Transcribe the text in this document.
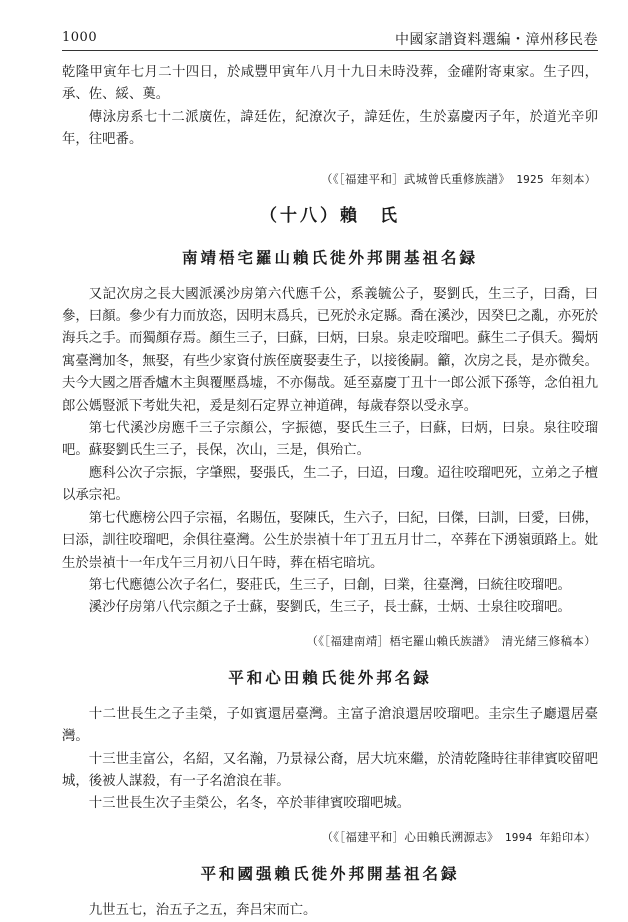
1000	中國家譜資料選編・漳州移民卷

乾隆甲寅年七月二十四日，於咸豐甲寅年八月十九日未時没葬，金礶附寄東家。生子四，承、佐、綏、薁。

傳泳房系七十二派廣佐，諱廷佐，紀潦次子，諱廷佐，生於嘉慶丙子年，於道光辛卯年，往吧番。

（《［福建平和］武城曾氏重修族譜》　 1925 年刻本）

（十八）賴　氏
南靖梧宅羅山賴氏徙外邦開基祖名録

又記次房之長大國派溪沙房第六代應千公，系義毓公子，娶劉氏，生三子，曰喬，曰參，曰顏。參少有力而放恣，因明末爲兵，已死於永定縣。喬在溪沙，因癸巳之亂，亦死於海兵之手。而獨顏存焉。顏生三子，曰蘇，曰炳，曰泉。泉走咬瑠吧。蘇生二子俱夭。獨炳寓臺灣加冬，無娶，有些少家資付族侄廣娶妻生子，以接後嗣。籲，次房之長，是亦微矣。夫今大國之厝香爐木主與覆壓爲墟，不亦傷哉。延至嘉慶丁丑十一郎公派下孫等，念伯祖九郎公媽豎派下考妣失祀，爰是刻石定界立神道碑，每歲春祭以受永享。

第七代溪沙房應千三子宗顏公，字振德，娶氏生三子，曰蘇，曰炳，曰泉。泉往咬瑠吧。蘇娶劉氏生三子，長保，次山，三是，俱殆亡。

應科公次子宗振，字肇熙，娶張氏，生二子，曰迢，曰瓊。迢往咬瑠吧死，立弟之子檀以承宗祀。

第七代應榜公四子宗福，名賜伍，娶陳氏，生六子，曰紀，曰傑，曰訓，曰愛，曰佛，曰添，訓往咬瑠吧，余俱往臺灣。公生於崇禎十年丁丑五月廿二，卒葬在下湧嶺頭路上。妣生於崇禎十一年戊午三月初八日午時，葬在梧宅暗坑。

第七代應德公次子名仁，娶莊氏，生三子，曰創，曰業，往臺灣，曰統往咬瑠吧。

溪沙仔房第八代宗顏之子士蘇，娶劉氏，生三子，長士蘇，士炳、士泉往咬瑠吧。

（《［福建南靖］梧宅羅山賴氏族譜》　 清光緒三修稿本）

平和心田賴氏徙外邦名録

十二世長生之子圭榮，子如賓還居臺灣。主富子滄浪還居咬瑠吧。圭宗生子廳還居臺灣。

十三世圭富公，名紹，又名瀚，乃景禄公裔，居大坑來繼，於清乾隆時往菲律賓咬留吧城，後被人謀殺，有一子名滄浪在菲。

十三世長生次子圭榮公，名冬，卒於菲律賓咬瑠吧城。

（《［福建平和］心田賴氏溯源志》　 1994 年鉛印本）

平和國强賴氏徙外邦開基祖名録

九世五七，治五子之五，奔吕宋而亡。
